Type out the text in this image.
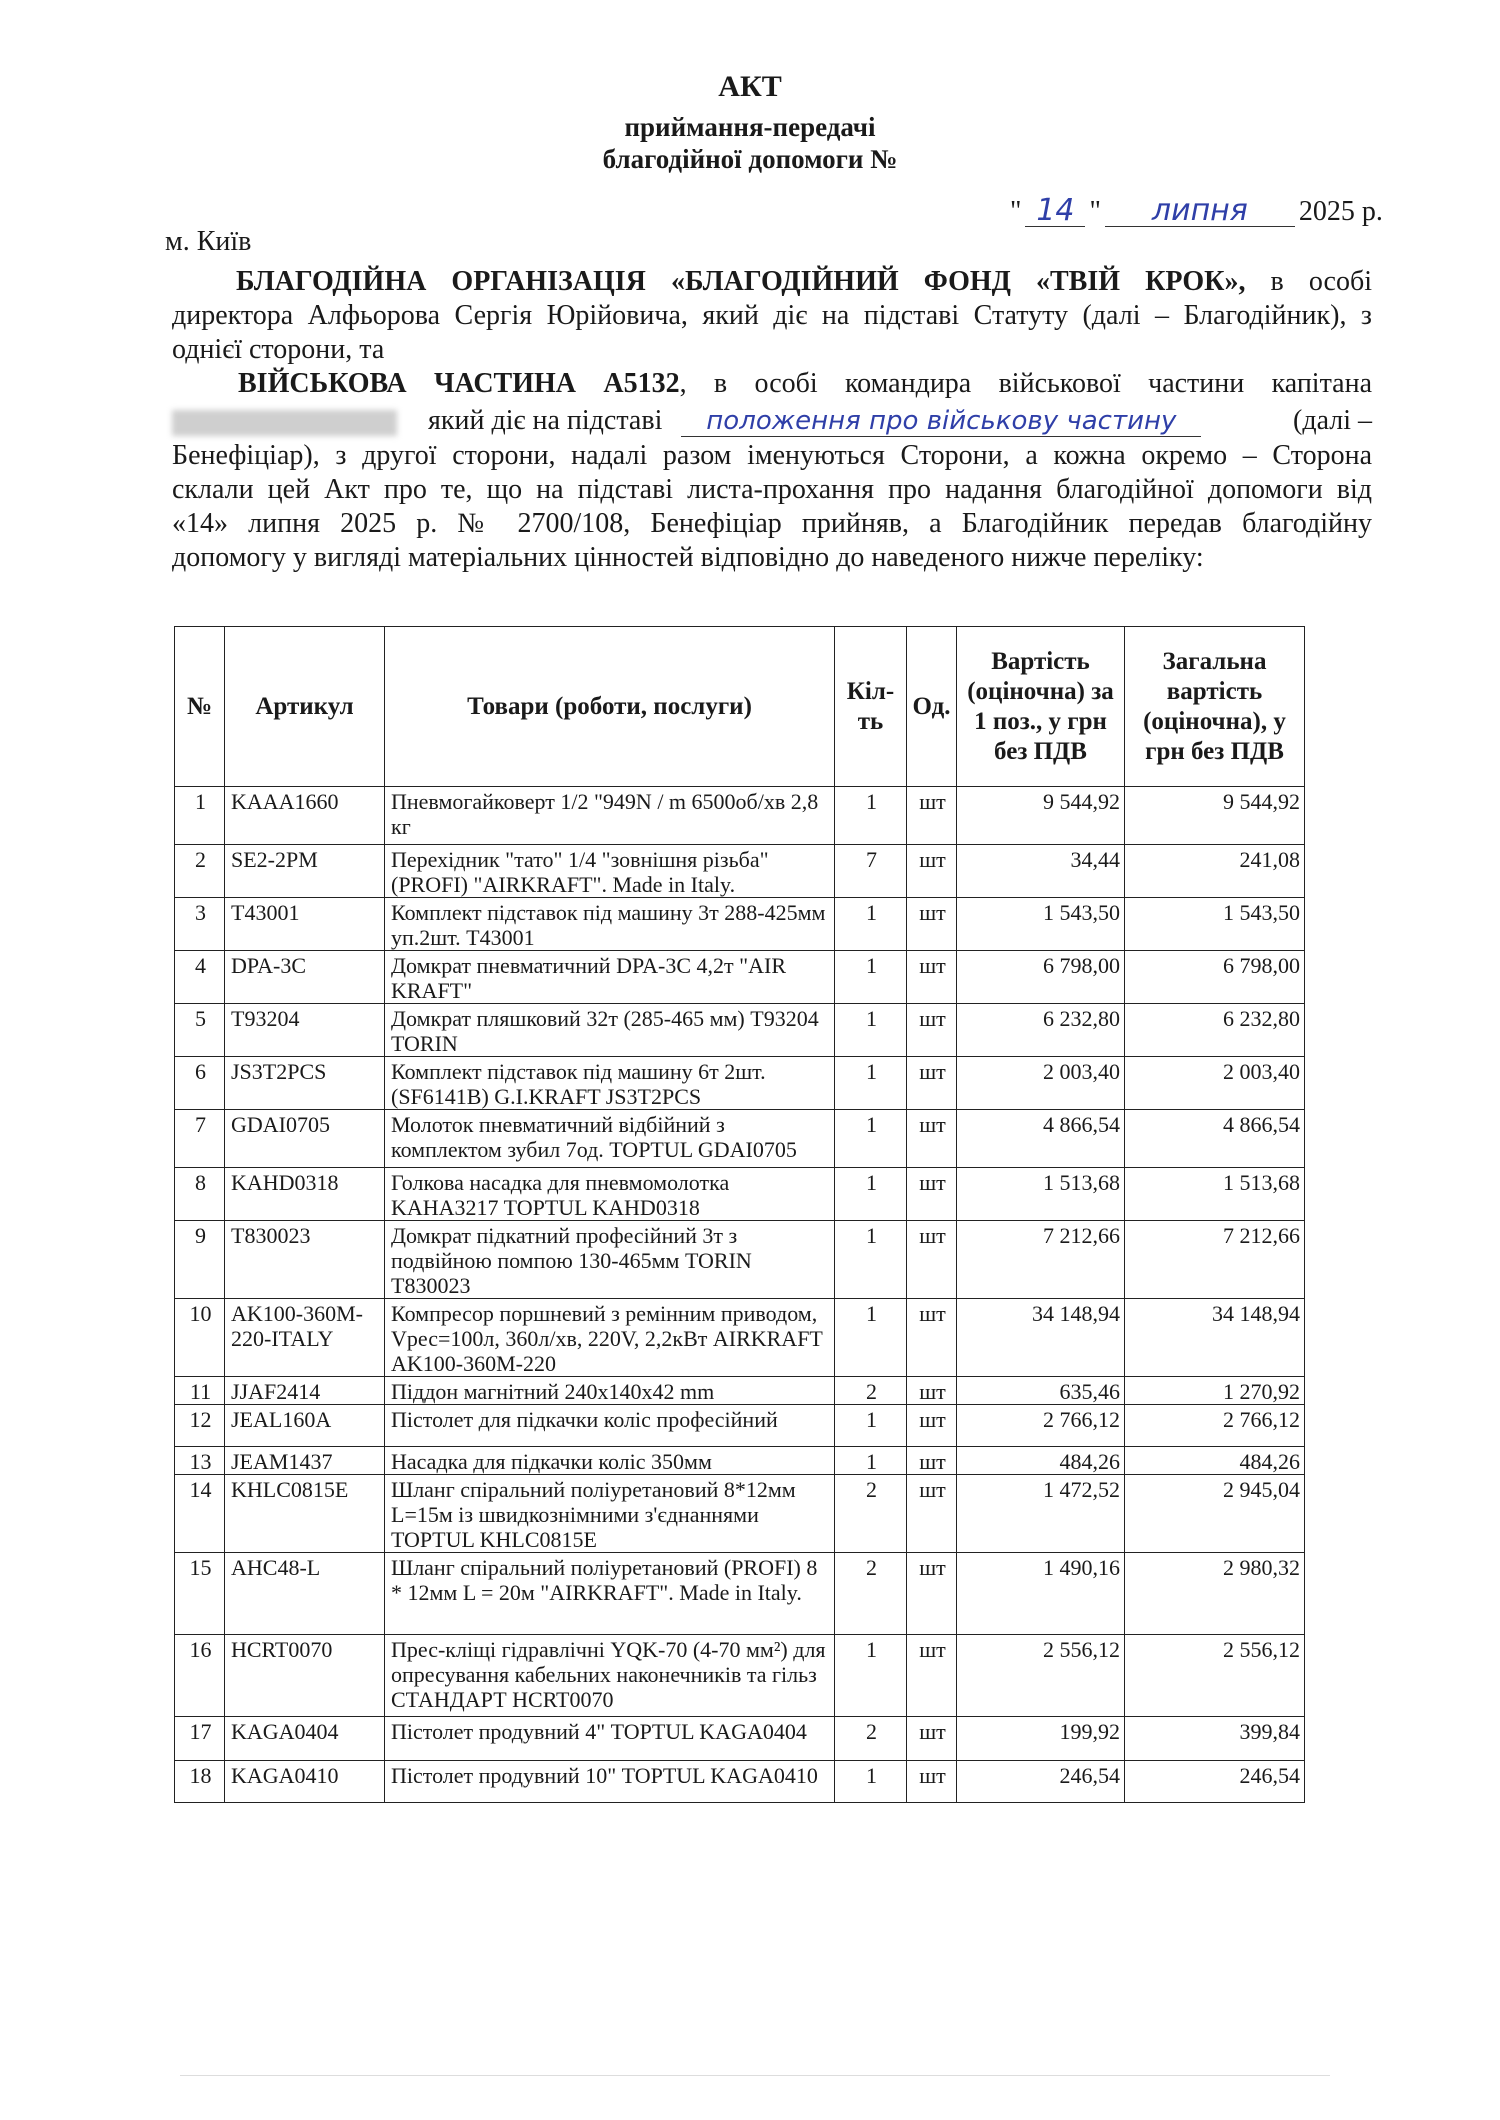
АКТ
приймання-передачі
благодійної допомоги №
" 14 " липня 2025 р.
м. Київ
БЛАГОДІЙНА ОРГАНІЗАЦІЯ «БЛАГОДІЙНИЙ ФОНД «ТВІЙ КРОК», в особі
директора Алфьорова Сергія Юрійовича, який діє на підставі Статуту (далі – Благодійник), з
однієї сторони, та
ВІЙСЬКОВА ЧАСТИНА А5132, в особі командира військової частини капітана
який діє на підставі положення про військову частину	(далі –
Бенефіціар), з другої сторони, надалі разом іменуються Сторони, а кожна окремо – Сторона
склали цей Акт про те, що на підставі листа-прохання про надання благодійної допомоги від
«14» липня 2025 р. № 2700/108, Бенефіціар прийняв, а Благодійник передав благодійну
допомогу у вигляді матеріальних цінностей відповідно до наведеного нижче переліку:
№	Артикул	Товари (роботи, послуги)	Кіл-ть	Од.	Вартість (оціночна) за 1 поз., у грн без ПДВ	Загальна вартість (оціночна), у грн без ПДВ
1	KAAA1660	Пневмогайковерт 1/2 "949N / m 6500об/хв 2,8 кг	1	шт	9 544,92	9 544,92
2	SE2-2PM	Перехідник "тато" 1/4 "зовнішня різьба" (PROFI) "AIRKRAFT". Made in Italy.	7	шт	34,44	241,08
3	T43001	Комплект підставок під машину 3т 288-425мм уп.2шт. T43001	1	шт	1 543,50	1 543,50
4	DPA-3C	Домкрат пневматичний DPA-3C 4,2т "AIR KRAFT"	1	шт	6 798,00	6 798,00
5	T93204	Домкрат пляшковий 32т (285-465 мм) T93204 TORIN	1	шт	6 232,80	6 232,80
6	JS3T2PCS	Комплект підставок під машину 6т 2шт. (SF6141B) G.I.KRAFT JS3T2PCS	1	шт	2 003,40	2 003,40
7	GDAI0705	Молоток пневматичний відбійний з комплектом зубил 7од. TOPTUL GDAI0705	1	шт	4 866,54	4 866,54
8	KAHD0318	Голкова насадка для пневмомолотка KAHA3217 TOPTUL KAHD0318	1	шт	1 513,68	1 513,68
9	T830023	Домкрат підкатний професійний 3т з подвійною помпою 130-465мм TORIN T830023	1	шт	7 212,66	7 212,66
10	AK100-360M-220-ITALY	Компресор поршневий з ремінним приводом, Vрес=100л, 360л/хв, 220V, 2,2кВт AIRKRAFT AK100-360M-220	1	шт	34 148,94	34 148,94
11	JJAF2414	Піддон магнітний 240х140х42 mm	2	шт	635,46	1 270,92
12	JEAL160A	Пістолет для підкачки коліс професійний	1	шт	2 766,12	2 766,12
13	JEAM1437	Насадка для підкачки коліс 350мм	1	шт	484,26	484,26
14	KHLC0815E	Шланг спіральний поліуретановий 8*12мм L=15м із швидкознімними з'єднаннями TOPTUL KHLC0815E	2	шт	1 472,52	2 945,04
15	AHC48-L	Шланг спіральний поліуретановий (PROFI) 8 * 12мм L = 20м "AIRKRAFT". Made in Italy.	2	шт	1 490,16	2 980,32
16	HCRT0070	Прес-кліщі гідравлічні YQK-70 (4-70 мм²) для опресування кабельних наконечників та гільз СТАНДАРТ HCRT0070	1	шт	2 556,12	2 556,12
17	KAGA0404	Пістолет продувний 4" TOPTUL KAGA0404	2	шт	199,92	399,84
18	KAGA0410	Пістолет продувний 10" TOPTUL KAGA0410	1	шт	246,54	246,54
